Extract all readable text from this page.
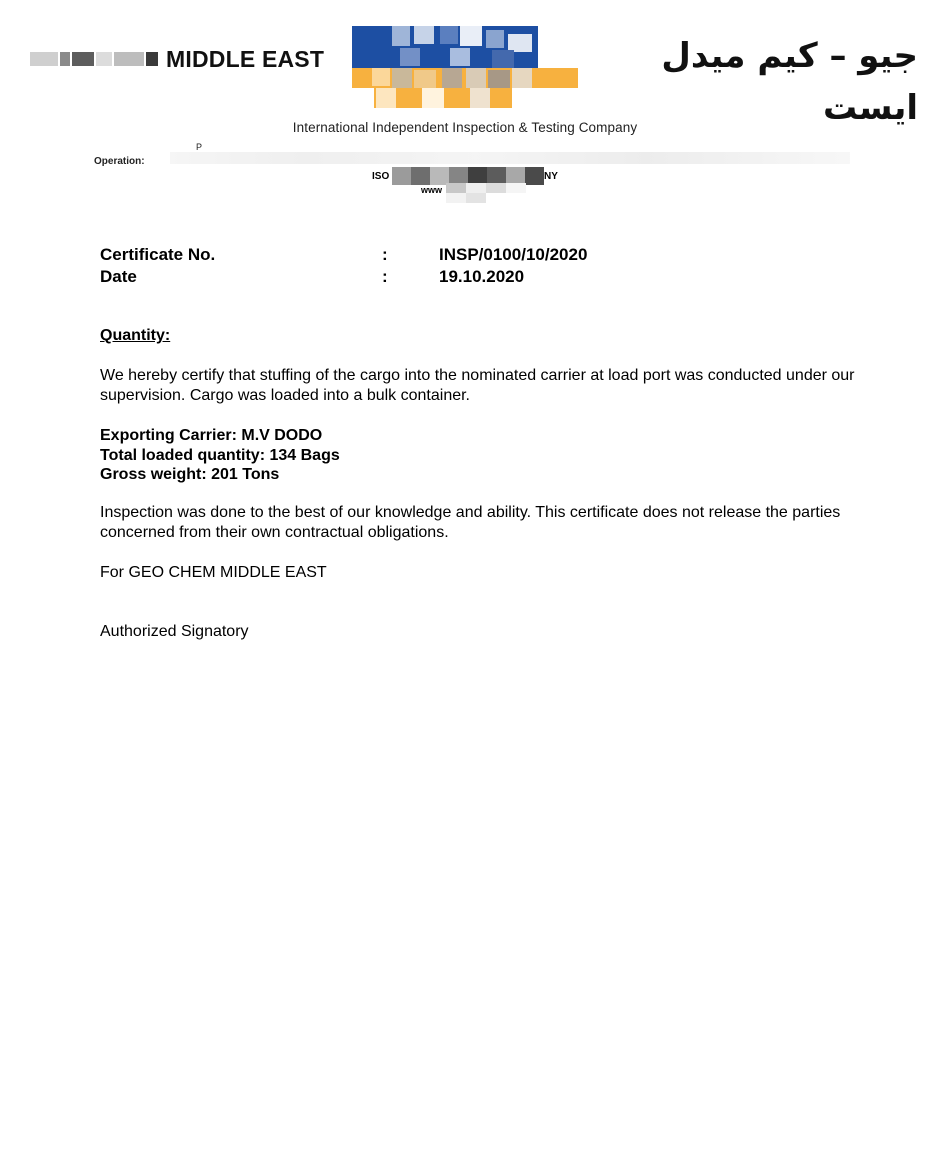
MIDDLE EAST	جيو – كيم ميدل ايست
International Independent Inspection & Testing Company
P
Operation:
ISO	NY
www
Certificate No.	:	INSP/0100/10/2020
Date	:	19.10.2020
Quantity:
We hereby certify that stuffing of the cargo into the nominated carrier at load port was conducted under our supervision. Cargo was loaded into a bulk container.
Exporting Carrier: M.V DODO
Total loaded quantity: 134 Bags
Gross weight: 201 Tons
Inspection was done to the best of our knowledge and ability. This certificate does not release the parties concerned from their own contractual obligations.
For GEO CHEM MIDDLE EAST
Authorized Signatory
